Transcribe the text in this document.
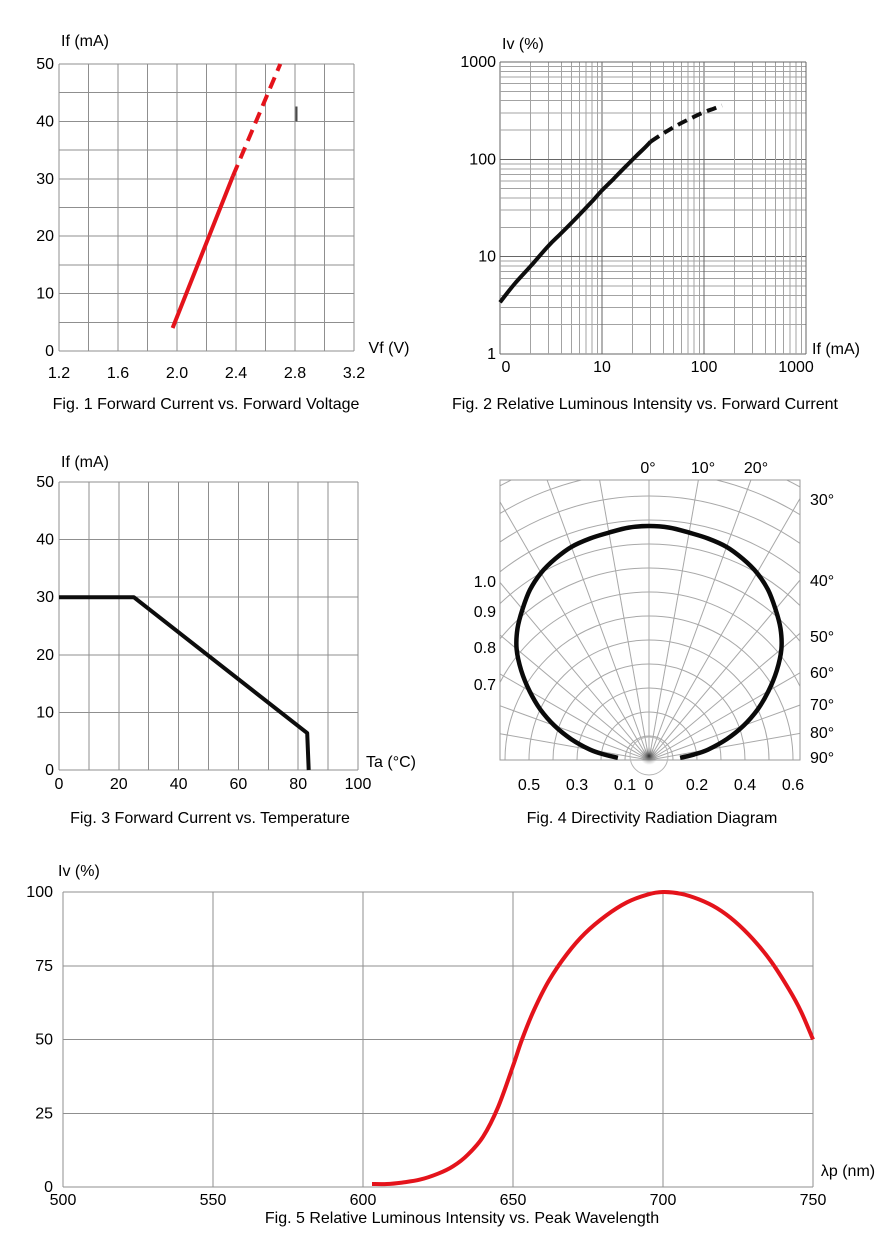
1.2 1.6 2.0 2.4 2.8 3.2
50
40
30
20
10
0
0	10	100	1000
1000
100
10
1
0	20	40	60	80 100
50
40
30
20
10
0
0° 10° 20°
30°
40°
50°
60°
70°
80°
90°
1.0
0.9
0.8
0.7
0.5 0.3 0.1 0 0.2 0.4 0.6
500	550	600	650	700	750
100
75
50
25
0
If (mA)
Vf (V)
Fig. 1 Forward Current vs. Forward Voltage
Iv (%)
If (mA)
Fig. 2 Relative Luminous Intensity vs. Forward Current
If (mA)
Ta (°C)
Fig. 3 Forward Current vs. Temperature	Fig. 4 Directivity Radiation Diagram
Iv (%)
λp (nm)
Fig. 5 Relative Luminous Intensity vs. Peak Wavelength
